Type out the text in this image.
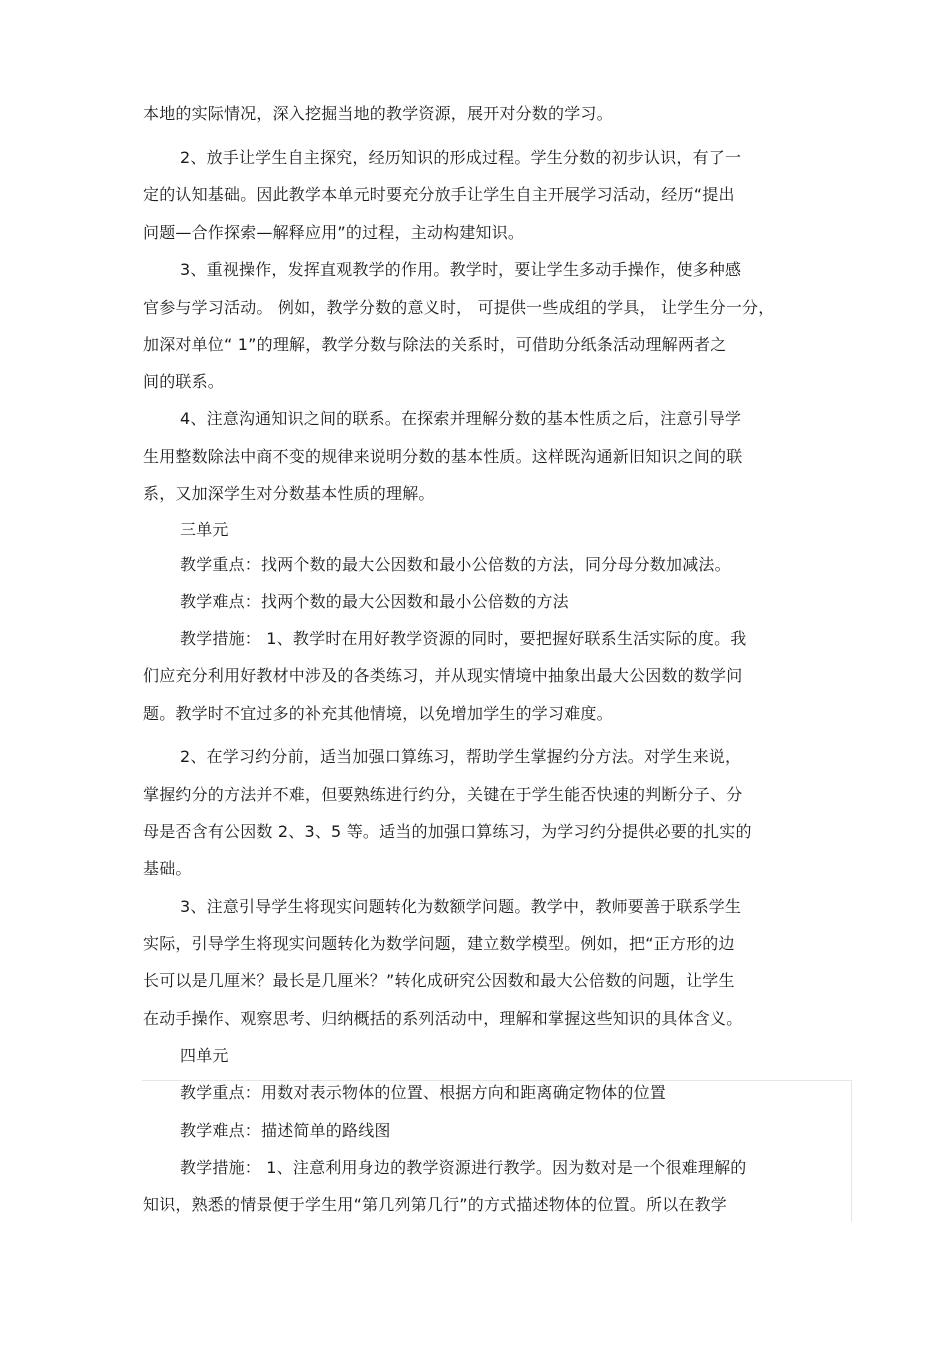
本地的实际情况，深入挖掘当地的教学资源，展开对分数的学习。

2、放手让学生自主探究，经历知识的形成过程。学生分数的初步认识，有了一

定的认知基础。因此教学本单元时要充分放手让学生自主开展学习活动，经历“提出

问题—合作探索—解释应用”的过程，主动构建知识。

3、重视操作，发挥直观教学的作用。教学时，要让学生多动手操作，使多种感

官参与学习活动。 例如，教学分数的意义时， 可提供一些成组的学具， 让学生分一分，

加深对单位“ 1”的理解，教学分数与除法的关系时，可借助分纸条活动理解两者之

间的联系。

4、注意沟通知识之间的联系。在探索并理解分数的基本性质之后，注意引导学

生用整数除法中商不变的规律来说明分数的基本性质。这样既沟通新旧知识之间的联

系，又加深学生对分数基本性质的理解。

三单元

教学重点：找两个数的最大公因数和最小公倍数的方法，同分母分数加减法。

教学难点：找两个数的最大公因数和最小公倍数的方法

教学措施： 1、教学时在用好教学资源的同时，要把握好联系生活实际的度。我

们应充分利用好教材中涉及的各类练习，并从现实情境中抽象出最大公因数的数学问

题。教学时不宜过多的补充其他情境，以免增加学生的学习难度。

2、在学习约分前，适当加强口算练习，帮助学生掌握约分方法。对学生来说，

掌握约分的方法并不难，但要熟练进行约分，关键在于学生能否快速的判断分子、分

母是否含有公因数 2、3、5 等。适当的加强口算练习，为学习约分提供必要的扎实的

基础。

3、注意引导学生将现实问题转化为数额学问题。教学中，教师要善于联系学生

实际，引导学生将现实问题转化为数学问题，建立数学模型。例如，把“正方形的边

长可以是几厘米？最长是几厘米？”转化成研究公因数和最大公倍数的问题，让学生

在动手操作、观察思考、归纳概括的系列活动中，理解和掌握这些知识的具体含义。

四单元

教学重点：用数对表示物体的位置、根据方向和距离确定物体的位置

教学难点：描述简单的路线图

教学措施： 1、注意利用身边的教学资源进行教学。因为数对是一个很难理解的

知识，熟悉的情景便于学生用“第几列第几行”的方式描述物体的位置。所以在教学
